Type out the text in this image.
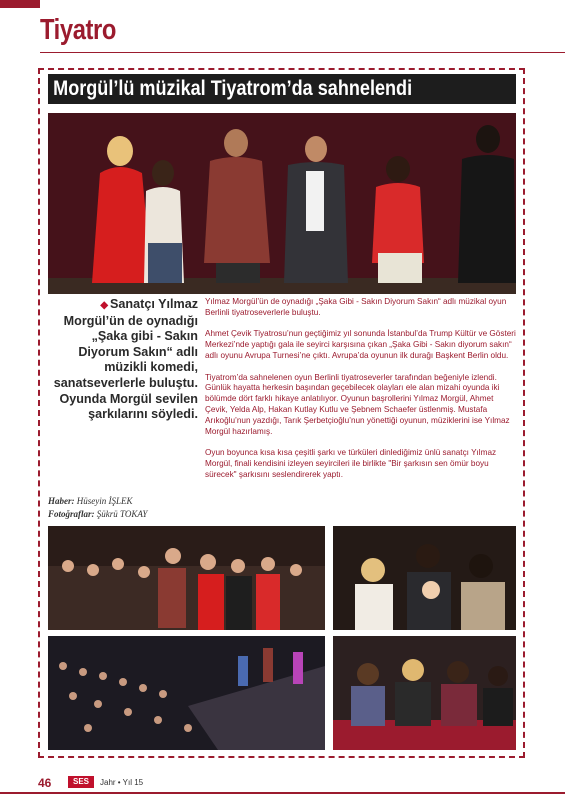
Tiyatro
Morgül’lü müzikal Tiyatrom’da sahnelendi
◆ Sanatçı Yılmaz Morgül’ün de oynadığı „Şaka gibi - Sakın Diyorum Sakın“ adlı müzikli komedi, sanatseverlerle buluştu. Oyunda Morgül sevilen şarkılarını söyledi.
Haber: Hüseyin İŞLEK
Fotoğraflar: Şükrü TOKAY

Yılmaz Morgül’ün de oynadığı „Şaka Gibi - Sakın Diyorum Sakın“ adlı müzikal oyun Berlinli tiyatroseverlerle buluştu.

Ahmet Çevik Tiyatrosu’nun geçtiğimiz yıl sonunda İstanbul’da Trump Kültür ve Gösteri Merkezi’nde yaptığı gala ile seyirci karşısına çıkan „Şaka Gibi - Sakın diyorum sakın“ adlı oyunu Avrupa Turnesi’ne çıktı. Avrupa’da oyunun ilk durağı Başkent Berlin oldu.

Tiyatrom’da sahnelenen oyun Berlinli tiyatroseverler tarafından beğeniyle izlendi. Günlük hayatta herkesin başından geçebilecek olayları ele alan mizahi oyunda iki bölümde dört farklı hikaye anlatılıyor. Oyunun başrollerini Yılmaz Morgül, Ahmet Çevik, Yelda Alp, Hakan Kutlay Kutlu ve Şebnem Schaefer üstlenmiş. Mustafa Arıkoğlu’nun yazdığı, Tarık Şerbetçioğlu’nun yönettiği oyunun, müziklerini ise Yılmaz Morgül hazırlamış.

Oyun boyunca kısa kısa çeşitli şarkı ve türküleri dinlediğimiz ünlü sanatçı Yılmaz Morgül, finali kendisini izleyen seyircileri ile birlikte "Bir şarkısın sen ömür boyu sürecek" şarkısını seslendirerek yaptı.

46	SES	Jahr • Yıl 15
